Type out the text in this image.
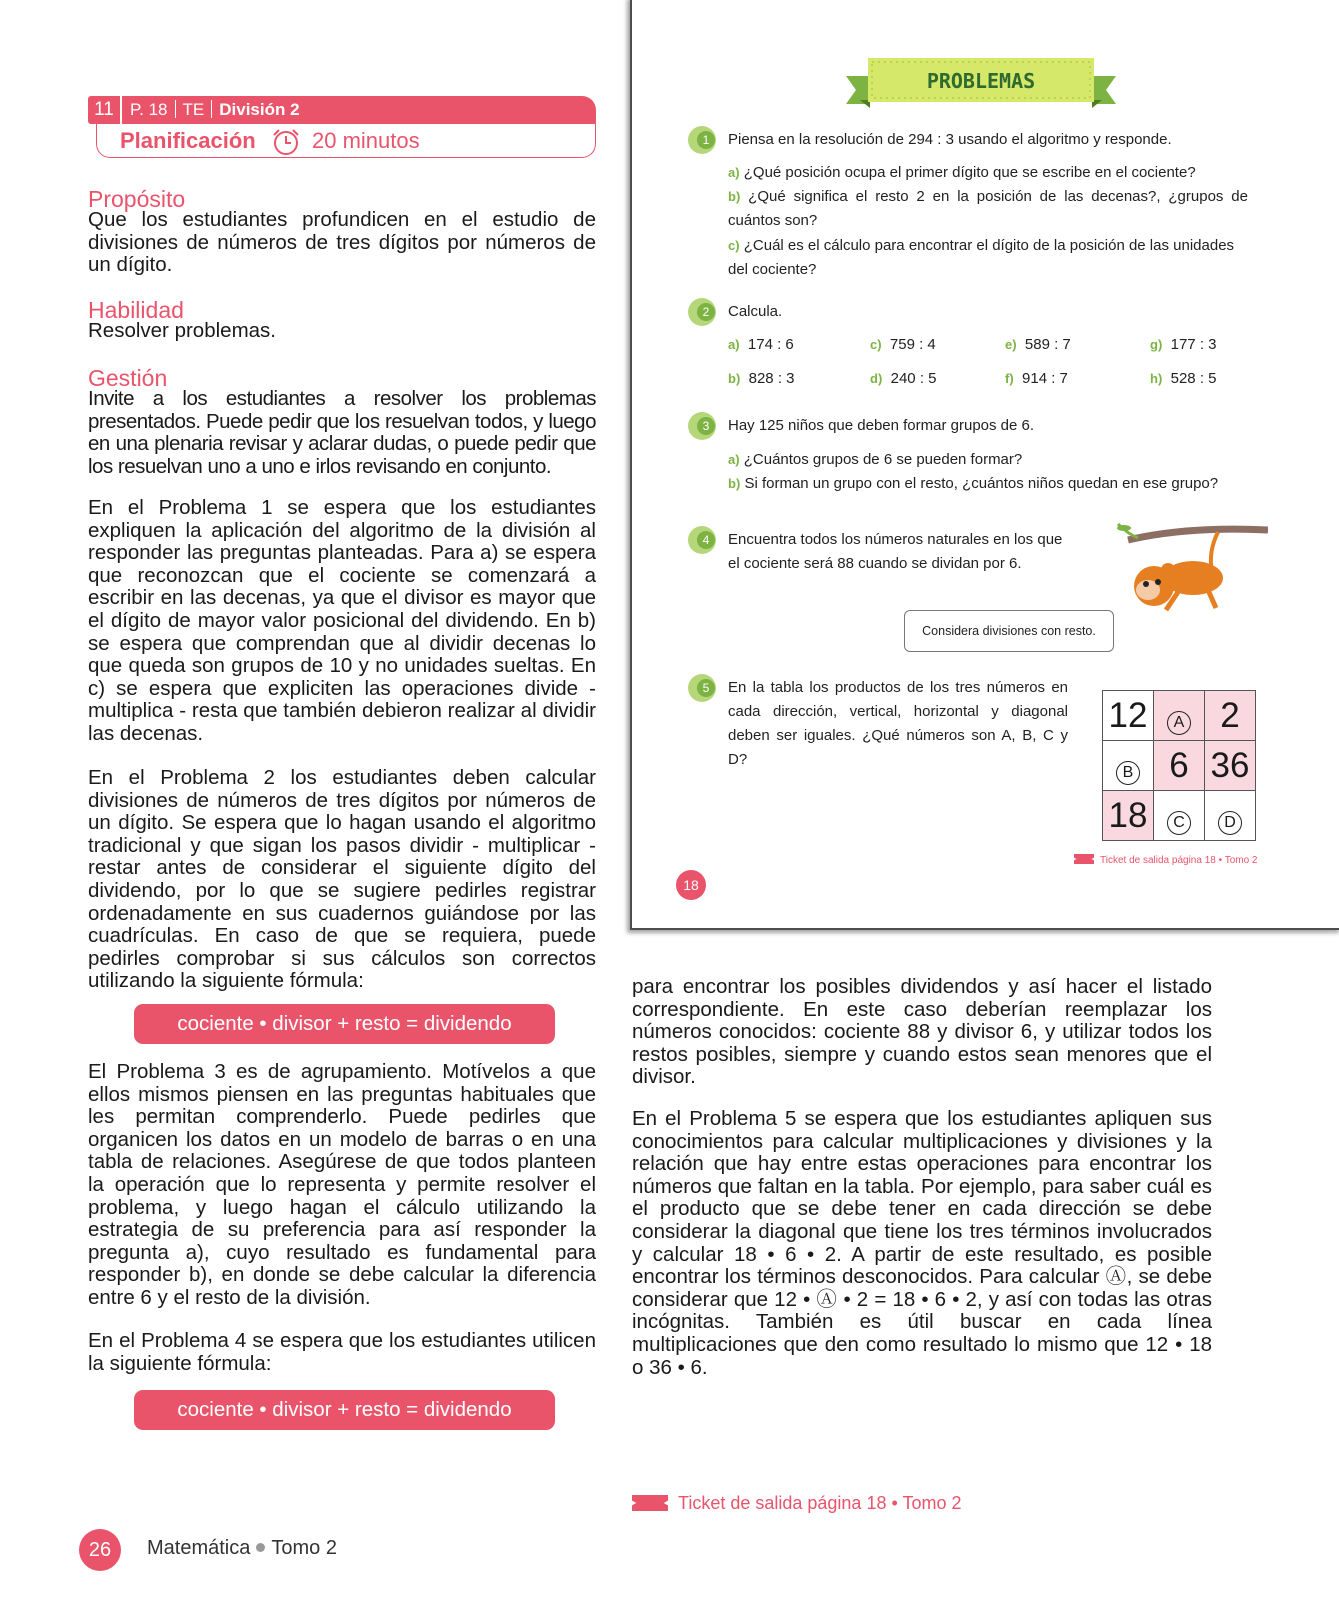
11 P. 18 TE División 2
Planificación	20 minutos
Propósito
Que los estudiantes profundicen en el estudio de divisiones de números de tres dígitos por números de un dígito.
Habilidad
Resolver problemas.
Gestión
Invite a los estudiantes a resolver los problemas presentados. Puede pedir que los resuelvan todos, y luego en una plenaria revisar y aclarar dudas, o puede pedir que los resuelvan uno a uno e irlos revisando en conjunto.
En el Problema 1 se espera que los estudiantes expliquen la aplicación del algoritmo de la división al responder las preguntas planteadas. Para a) se espera que reconozcan que el cociente se comenzará a escribir en las decenas, ya que el divisor es mayor que el dígito de mayor valor posicional del dividendo. En b) se espera que comprendan que al dividir decenas lo que queda son grupos de 10 y no unidades sueltas. En c) se espera que expliciten las operaciones divide - multiplica - resta que también debieron realizar al dividir las decenas.
En el Problema 2 los estudiantes deben calcular divisiones de números de tres dígitos por números de un dígito. Se espera que lo hagan usando el algoritmo tradicional y que sigan los pasos dividir - multiplicar - restar antes de considerar el siguiente dígito del dividendo, por lo que se sugiere pedirles registrar ordenadamente en sus cuadernos guiándose por las cuadrículas. En caso de que se requiera, puede pedirles comprobar si sus cálculos son correctos utilizando la siguiente fórmula:
cociente • divisor + resto = dividendo
El Problema 3 es de agrupamiento. Motívelos a que ellos mismos piensen en las preguntas habituales que les permitan comprenderlo. Puede pedirles que organicen los datos en un modelo de barras o en una tabla de relaciones. Asegúrese de que todos planteen la operación que lo representa y permite resolver el problema, y luego hagan el cálculo utilizando la estrategia de su preferencia para así responder la pregunta a), cuyo resultado es fundamental para responder b), en donde se debe calcular la diferencia entre 6 y el resto de la división.
En el Problema 4 se espera que los estudiantes utilicen la siguiente fórmula:
cociente • divisor + resto = dividendo
para encontrar los posibles dividendos y así hacer el listado correspondiente. En este caso deberían reemplazar los números conocidos: cociente 88 y divisor 6, y utilizar todos los restos posibles, siempre y cuando estos sean menores que el divisor.
En el Problema 5 se espera que los estudiantes apliquen sus conocimientos para calcular multiplicaciones y divisiones y la relación que hay entre estas operaciones para encontrar los números que faltan en la tabla. Por ejemplo, para saber cuál es el producto que se debe tener en cada dirección se debe considerar la diagonal que tiene los tres términos involucrados y calcular 18 • 6 • 2. A partir de este resultado, es posible encontrar los términos desconocidos. Para calcular Ⓐ, se debe considerar que 12 • Ⓐ • 2 = 18 • 6 • 2, y así con todas las otras incógnitas. También es útil buscar en cada línea multiplicaciones que den como resultado lo mismo que 12 • 18 o 36 • 6.
PROBLEMAS
1	Piensa en la resolución de 294 : 3 usando el algoritmo y responde.
a) ¿Qué posición ocupa el primer dígito que se escribe en el cociente?
b) ¿Qué significa el resto 2 en la posición de las decenas?, ¿grupos de cuántos son?
c) ¿Cuál es el cálculo para encontrar el dígito de la posición de las unidades del cociente?
2	Calcula.
a) 174 : 6	c) 759 : 4	e) 589 : 7	g) 177 : 3
b) 828 : 3	d) 240 : 5	f) 914 : 7	h) 528 : 5
3	Hay 125 niños que deben formar grupos de 6.
a) ¿Cuántos grupos de 6 se pueden formar?
b) Si forman un grupo con el resto, ¿cuántos niños quedan en ese grupo?
4	Encuentra todos los números naturales en los que el cociente será 88 cuando se dividan por 6.
Considera divisiones con resto.
5	En la tabla los productos de los tres números en cada dirección, vertical, horizontal y diagonal deben ser iguales. ¿Qué números son A, B, C y D?
12	A	2
B	6	36
18	C	D
Ticket de salida página 18 • Tomo 2
18
Ticket de salida página 18 • Tomo 2
26	Matemática Tomo 2
